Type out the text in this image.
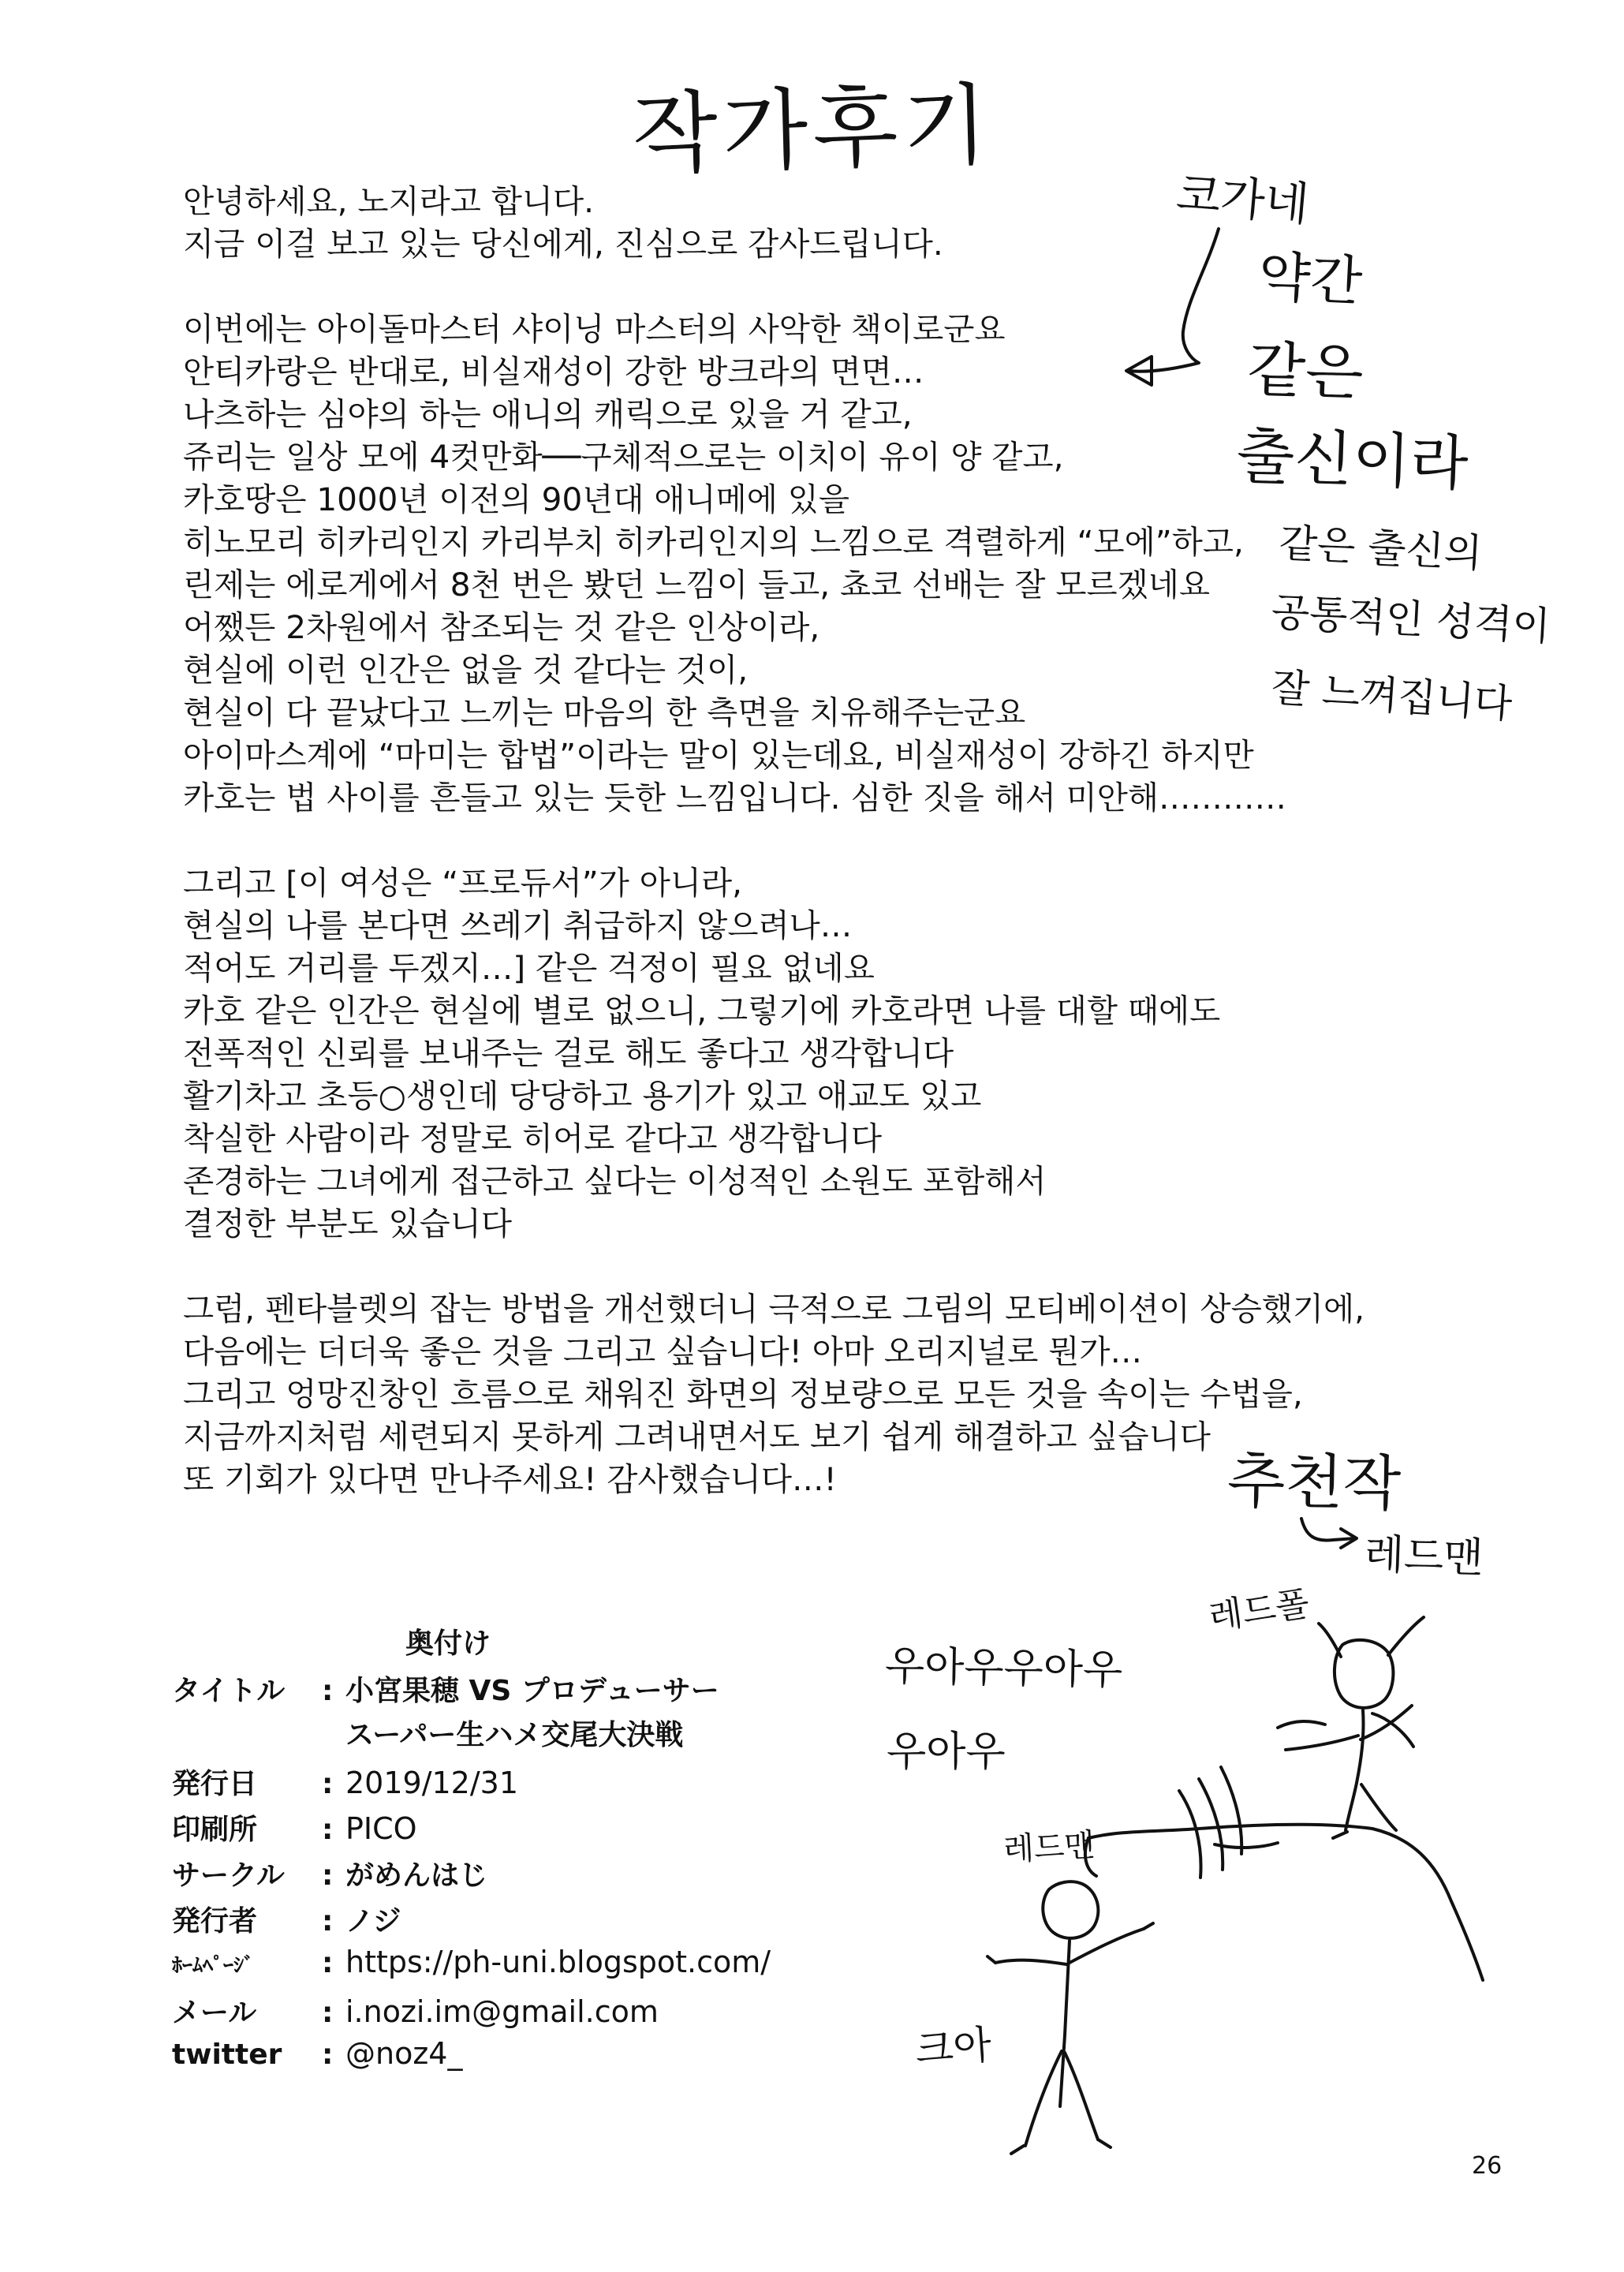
작가후기
안녕하세요, 노지라고 합니다.
지금 이걸 보고 있는 당신에게, 진심으로 감사드립니다.
이번에는 아이돌마스터 샤이닝 마스터의 사악한 책이로군요
안티카랑은 반대로, 비실재성이 강한 방크라의 면면…
나츠하는 심야의 하는 애니의 캐릭으로 있을 거 같고,
쥬리는 일상 모에 4컷만화──구체적으로는 이치이 유이 양 같고,
카호땅은 1000년 이전의 90년대 애니메에 있을
히노모리 히카리인지 카리부치 히카리인지의 느낌으로 격렬하게 “모에”하고,
린제는 에로게에서 8천 번은 봤던 느낌이 들고, 쵸코 선배는 잘 모르겠네요
어쨌든 2차원에서 참조되는 것 같은 인상이라,
현실에 이런 인간은 없을 것 같다는 것이,
현실이 다 끝났다고 느끼는 마음의 한 측면을 치유해주는군요
아이마스계에 “마미는 합법”이라는 말이 있는데요, 비실재성이 강하긴 하지만
카호는 법 사이를 흔들고 있는 듯한 느낌입니다. 심한 짓을 해서 미안해…………
그리고 [이 여성은 “프로듀서”가 아니라,
현실의 나를 본다면 쓰레기 취급하지 않으려나…
적어도 거리를 두겠지…] 같은 걱정이 필요 없네요
카호 같은 인간은 현실에 별로 없으니, 그렇기에 카호라면 나를 대할 때에도
전폭적인 신뢰를 보내주는 걸로 해도 좋다고 생각합니다
활기차고 초등○생인데 당당하고 용기가 있고 애교도 있고
착실한 사람이라 정말로 히어로 같다고 생각합니다
존경하는 그녀에게 접근하고 싶다는 이성적인 소원도 포함해서
결정한 부분도 있습니다
그럼, 펜타블렛의 잡는 방법을 개선했더니 극적으로 그림의 모티베이션이 상승했기에,
다음에는 더더욱 좋은 것을 그리고 싶습니다! 아마 오리지널로 뭔가…
그리고 엉망진창인 흐름으로 채워진 화면의 정보량으로 모든 것을 속이는 수법을,
지금까지처럼 세련되지 못하게 그려내면서도 보기 쉽게 해결하고 싶습니다
또 기회가 있다면 만나주세요! 감사했습니다…!
코가네
약간
같은
출신이라
같은 출신의
공통적인 성격이
잘 느껴집니다
추천작
레드맨
레드폴
우아우우아우
우아우
레드맨
크아
奥付け
タイトル : 小宮果穂 VS プロデューサー
スーパー生ハメ交尾大決戦
発行日 : 2019/12/31
印刷所 : PICO
サークル : がめんはじ
発行者 : ノジ
ﾎｰﾑﾍﾟｰｼﾞ : https://ph-uni.blogspot.com/
メール : i.nozi.im@gmail.com
twitter : @noz4_
26
